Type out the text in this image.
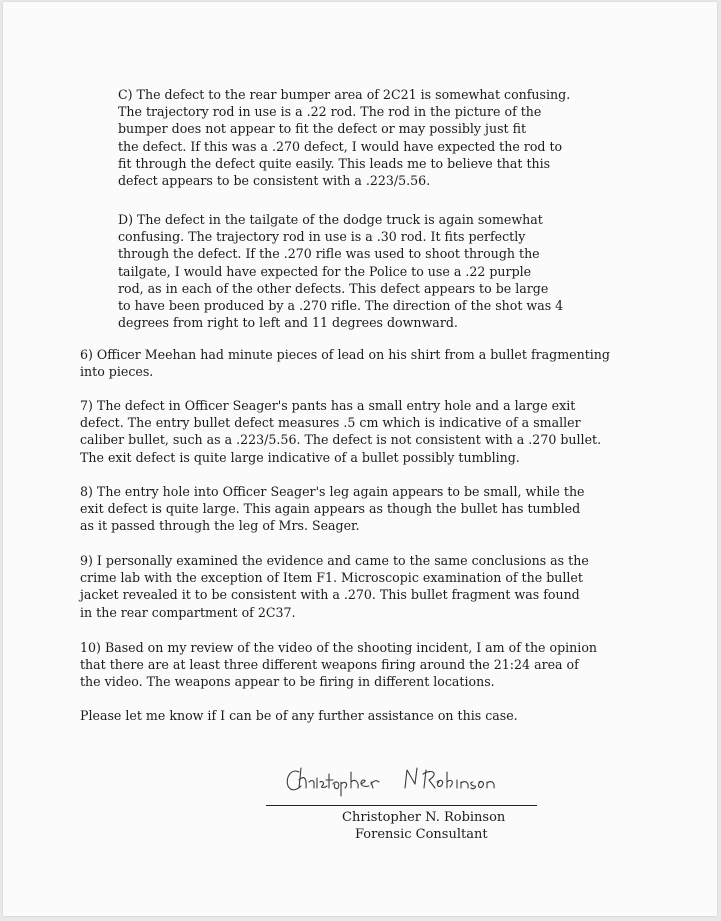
C) The defect to the rear bumper area of 2C21 is somewhat confusing.
The trajectory rod in use is a .22 rod. The rod in the picture of the
bumper does not appear to fit the defect or may possibly just fit
the defect. If this was a .270 defect, I would have expected the rod to
fit through the defect quite easily. This leads me to believe that this
defect appears to be consistent with a .223/5.56.
D) The defect in the tailgate of the dodge truck is again somewhat
confusing. The trajectory rod in use is a .30 rod. It fits perfectly
through the defect. If the .270 rifle was used to shoot through the
tailgate, I would have expected for the Police to use a .22 purple
rod, as in each of the other defects. This defect appears to be large
to have been produced by a .270 rifle. The direction of the shot was 4
degrees from right to left and 11 degrees downward.
6) Officer Meehan had minute pieces of lead on his shirt from a bullet fragmenting
into pieces.
7) The defect in Officer Seager's pants has a small entry hole and a large exit
defect. The entry bullet defect measures .5 cm which is indicative of a smaller
caliber bullet, such as a .223/5.56. The defect is not consistent with a .270 bullet.
The exit defect is quite large indicative of a bullet possibly tumbling.
8) The entry hole into Officer Seager's leg again appears to be small, while the
exit defect is quite large. This again appears as though the bullet has tumbled
as it passed through the leg of Mrs. Seager.
9) I personally examined the evidence and came to the same conclusions as the
crime lab with the exception of Item F1. Microscopic examination of the bullet
jacket revealed it to be consistent with a .270. This bullet fragment was found
in the rear compartment of 2C37.
10) Based on my review of the video of the shooting incident, I am of the opinion
that there are at least three different weapons firing around the 21:24 area of
the video. The weapons appear to be firing in different locations.
Please let me know if I can be of any further assistance on this case.
Christopher N. Robinson
Forensic Consultant
